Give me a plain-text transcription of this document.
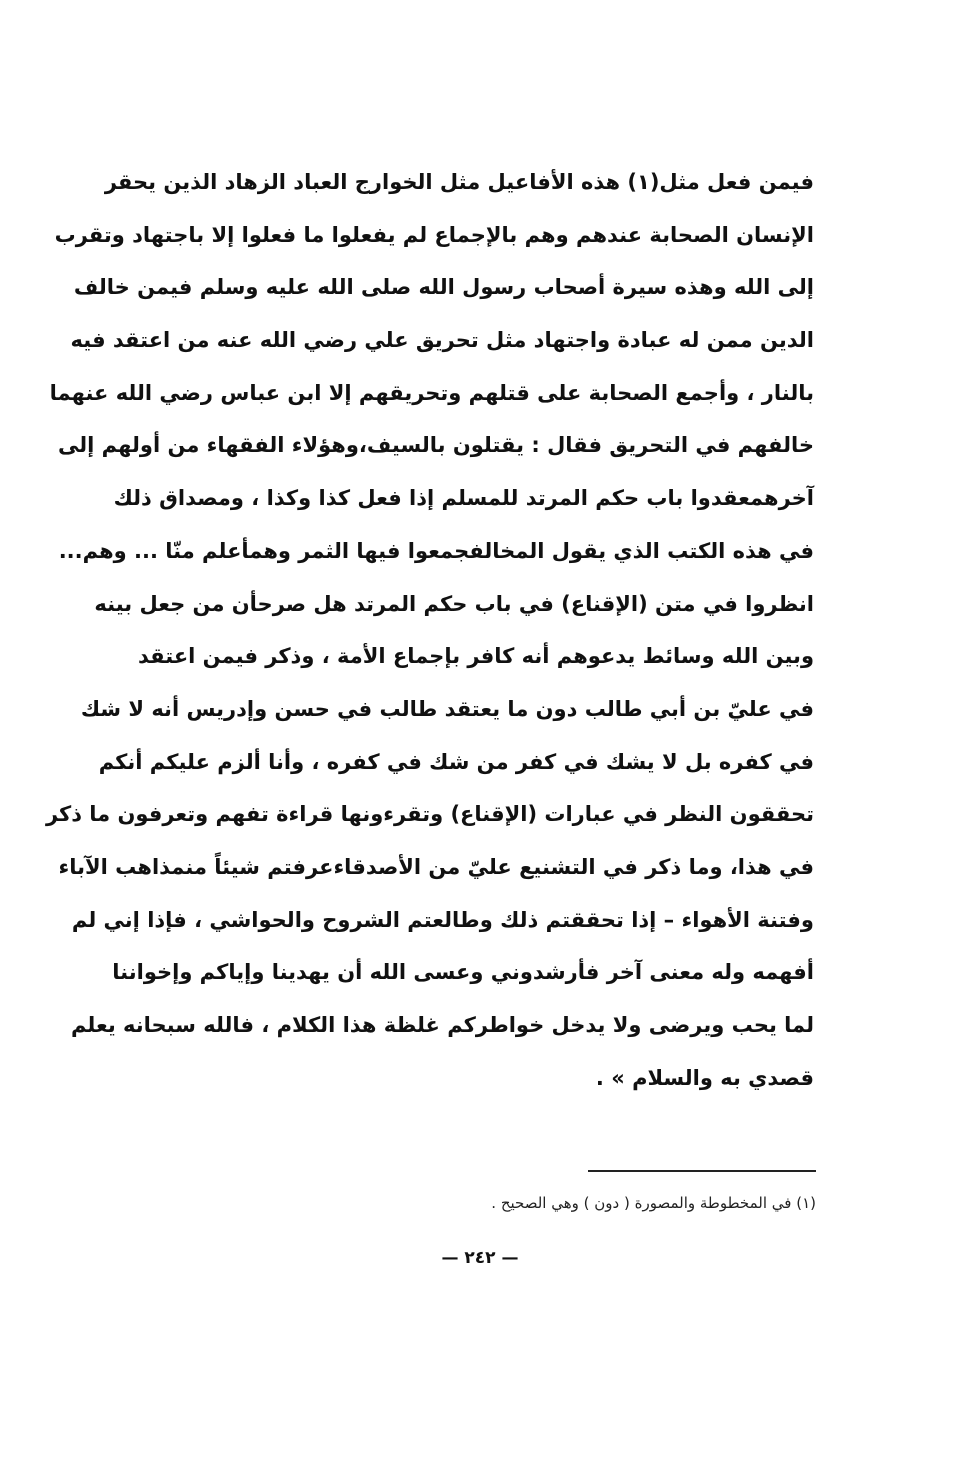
فيمن فعل مثل(١) هذه الأفاعيل مثل الخوارج العباد الزهاد الذين يحقر
الإنسان الصحابة عندهم وهم بالإجماع لم يفعلوا ما فعلوا إلا باجتهاد وتقرب
إلى الله وهذه سيرة أصحاب رسول الله صلى الله عليه وسلم فيمن خالف
الدين ممن له عبادة واجتهاد مثل تحريق علي رضي الله عنه من اعتقد فيه
بالنار ، وأجمع الصحابة على قتلهم وتحريقهم إلا ابن عباس رضي الله عنهما
خالفهم في التحريق فقال : يقتلون بالسيف،وهؤلاء الفقهاء من أولهم إلى
آخرهمعقدوا باب حكم المرتد للمسلم إذا فعل كذا وكذا ، ومصداق ذلك
في هذه الكتب الذي يقول المخالفجمعوا فيها الثمر وهمأعلم منّا ... وهم...
انظروا في متن (الإقناع) في باب حكم المرتد هل صرحأن من جعل بينه
وبين الله وسائط يدعوهم أنه كافر بإجماع الأمة ، وذكر فيمن اعتقد
في عليّ بن أبي طالب دون ما يعتقد طالب في حسن وإدريس أنه لا شك
في كفره بل لا يشك في كفر من شك في كفره ، وأنا ألزم عليكم أنكم
تحققون النظر في عبارات (الإقناع) وتقرءونها قراءة تفهم وتعرفون ما ذكر
في هذا، وما ذكر في التشنيع عليّ من الأصدقاءعرفتم شيئاً منمذاهب الآباء
وفتنة الأهواء – إذا تحققتم ذلك وطالعتم الشروح والحواشي ، فإذا إني لم
أفهمه وله معنى آخر فأرشدوني وعسى الله أن يهدينا وإياكم وإخواننا
لما يحب ويرضى ولا يدخل خواطركم غلظة هذا الكلام ، فالله سبحانه يعلم
قصدي به والسلام » .
(١) في المخطوطة والمصورة ( دون ) وهي الصحيح .
— ٢٤٢ —
